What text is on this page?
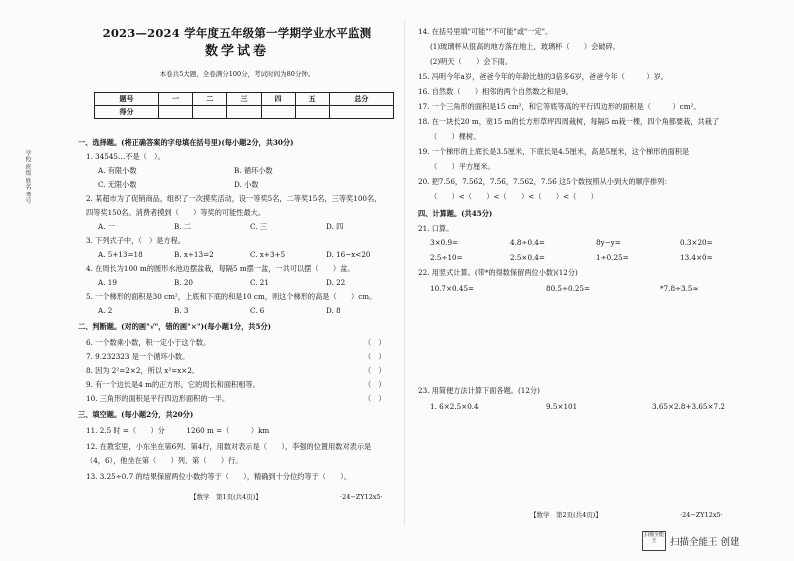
学校 班级 姓名 考号
2023—2024 学年度五年级第一学期学业水平监测
数学试卷
本卷共5大题，全卷满分100分，考试时间为80分钟。
题号	一	二	三	四	五	总分
得分						
一、选择题。(将正确答案的字母填在括号里)(每小题2分，共30分)
1. 34545…不是（　）。
A. 有限小数	B. 循环小数
C. 无限小数	D. 小数
2. 某超市为了促销商品，组织了一次摸奖活动，设一等奖5名，二等奖15名，三等奖100名，
四等奖150名。消费者摸到（　　）等奖的可能性最大。
A. 一	B. 二	C. 三	D. 四
3. 下列式子中，（　）是方程。
A. 5+13=18	B. x÷13=2	C. x+3+5	D. 16−x<20
4. 在周长为100 m的圆形水池边摆盆栽，每隔5 m摆一盆，一共可以摆（　　）盆。
A. 19	B. 20	C. 21	D. 22
5. 一个梯形的面积是30 cm²，上底和下底的和是10 cm，则这个梯形的高是（　　）cm。
A. 2	B. 3	C. 6	D. 8
二、判断题。(对的画"√"，错的画"×")(每小题1分，共5分)
6. 一个数乘小数，积一定小于这个数。	（　）
7. 9.232323 是一个循环小数。	（　）
8. 因为 2²=2×2，所以 x²=x×2。	（　）
9. 有一个边长是4 m的正方形，它的周长和面积相等。	（　）
10. 三角形的面积是平行四边形面积的一半。	（　）
三、填空题。(每小题2分，共20分)
11. 2.5 时 =（　　）分　　　1260 m =（　　　）km
12. 在教室里，小东坐在第6列、第4行，用数对表示是（　　），李强的位置用数对表示是
（4，6），他坐在第（　　）列、第（　　）行。
13. 3.25÷0.7 的结果保留两位小数约等于（　　），精确到十分位约等于（　　）。
【数学　第1页(共4页)】	·24−ZY12x5·
14. 在括号里填"可能""不可能"或"一定"。
(1)玻璃杯从很高的地方落在地上，玻璃杯（　　）会破碎。
(2)明天（　　）会下雨。
15. 冯明今年a岁，爸爸今年的年龄比他的3倍多6岁，爸爸今年（　　　）岁。
16. 自然数（　　）相邻的两个自然数之和是9。
17. 一个三角形的面积是15 cm²，和它等底等高的平行四边形的面积是（　　　）cm²。
18. 在一块长20 m，宽15 m的长方形草坪四周栽树，每隔5 m栽一棵，四个角都要栽，共栽了
（　　）棵树。
19. 一个梯形的上底长是3.5厘米，下底长是4.5厘米，高是5厘米，这个梯形的面积是
（　　）平方厘米。
20. 把7.56，7.56̇2̇，7.5̇6̇，7.562，7.56̇ 这5个数按照从小到大的顺序排列：
（　　）<（　　）<（　　）<（　　）<（　　）
四、计算题。(共45分)
21. 口算。
3×0.9=	4.8÷0.4=	8y−y=	0.3×20=
2.5÷10=	2.5×0.4=	1÷0.25=	13.4×0=
22. 用竖式计算。(带*的得数保留两位小数)(12分)
10.7×0.45=	80.5÷0.25=	*7.8÷3.5≈
23. 用简便方法计算下面各题。(12分)
1. 6×2.5×0.4	9.5×101	3.65×2.8+3.65×7.2
【数学　第2页(共4页)】	·24−ZY12x5·
扫描全能王	扫描全能王 创建
